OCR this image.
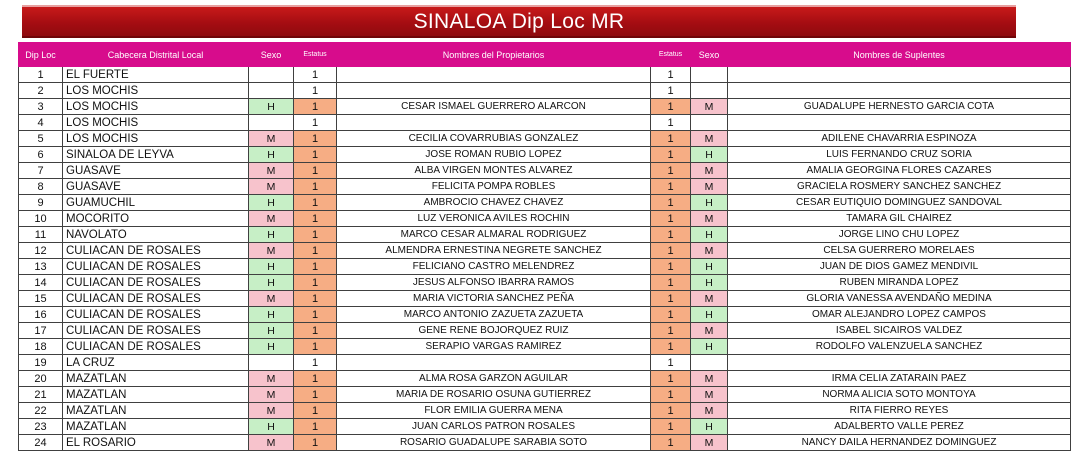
SINALOA Dip Loc MR
Dip Loc	Cabecera Distrital Local	Sexo	Estatus	Nombres del Propietarios	Estatus	Sexo	Nombres de Suplentes
1	EL FUERTE		1		1		
2	LOS MOCHIS		1		1		
3	LOS MOCHIS	H	1	CESAR ISMAEL GUERRERO ALARCON	1	M	GUADALUPE HERNESTO GARCIA COTA
4	LOS MOCHIS		1		1		
5	LOS MOCHIS	M	1	CECILIA COVARRUBIAS GONZALEZ	1	M	ADILENE CHAVARRIA ESPINOZA
6	SINALOA DE LEYVA	H	1	JOSE ROMAN RUBIO LOPEZ	1	H	LUIS FERNANDO CRUZ SORIA
7	GUASAVE	M	1	ALBA VIRGEN MONTES ALVAREZ	1	M	AMALIA GEORGINA FLORES CAZARES
8	GUASAVE	M	1	FELICITA POMPA ROBLES	1	M	GRACIELA ROSMERY SANCHEZ SANCHEZ
9	GUAMUCHIL	H	1	AMBROCIO CHAVEZ CHAVEZ	1	H	CESAR EUTIQUIO DOMINGUEZ SANDOVAL
10	MOCORITO	M	1	LUZ VERONICA AVILES ROCHIN	1	M	TAMARA GIL CHAIREZ
11	NAVOLATO	H	1	MARCO CESAR ALMARAL RODRIGUEZ	1	H	JORGE LINO CHU LOPEZ
12	CULIACAN DE ROSALES	M	1	ALMENDRA ERNESTINA NEGRETE SANCHEZ	1	M	CELSA GUERRERO MORELAES
13	CULIACAN DE ROSALES	H	1	FELICIANO CASTRO MELENDREZ	1	H	JUAN DE DIOS GAMEZ MENDIVIL
14	CULIACAN DE ROSALES	H	1	JESUS ALFONSO IBARRA RAMOS	1	H	RUBEN MIRANDA LOPEZ
15	CULIACAN DE ROSALES	M	1	MARIA VICTORIA SANCHEZ PEÑA	1	M	GLORIA VANESSA AVENDAÑO MEDINA
16	CULIACAN DE ROSALES	H	1	MARCO ANTONIO ZAZUETA ZAZUETA	1	H	OMAR ALEJANDRO LOPEZ CAMPOS
17	CULIACAN DE ROSALES	H	1	GENE RENE BOJORQUEZ RUIZ	1	M	ISABEL SICAIROS VALDEZ
18	CULIACAN DE ROSALES	H	1	SERAPIO VARGAS RAMIREZ	1	H	RODOLFO VALENZUELA SANCHEZ
19	LA CRUZ		1		1		
20	MAZATLAN	M	1	ALMA ROSA GARZON AGUILAR	1	M	IRMA CELIA ZATARAIN PAEZ
21	MAZATLAN	M	1	MARIA DE ROSARIO OSUNA GUTIERREZ	1	M	NORMA ALICIA SOTO MONTOYA
22	MAZATLAN	M	1	FLOR EMILIA GUERRA MENA	1	M	RITA FIERRO REYES
23	MAZATLAN	H	1	JUAN CARLOS PATRON ROSALES	1	H	ADALBERTO VALLE PEREZ
24	EL ROSARIO	M	1	ROSARIO GUADALUPE SARABIA SOTO	1	M	NANCY DAILA HERNANDEZ DOMINGUEZ
